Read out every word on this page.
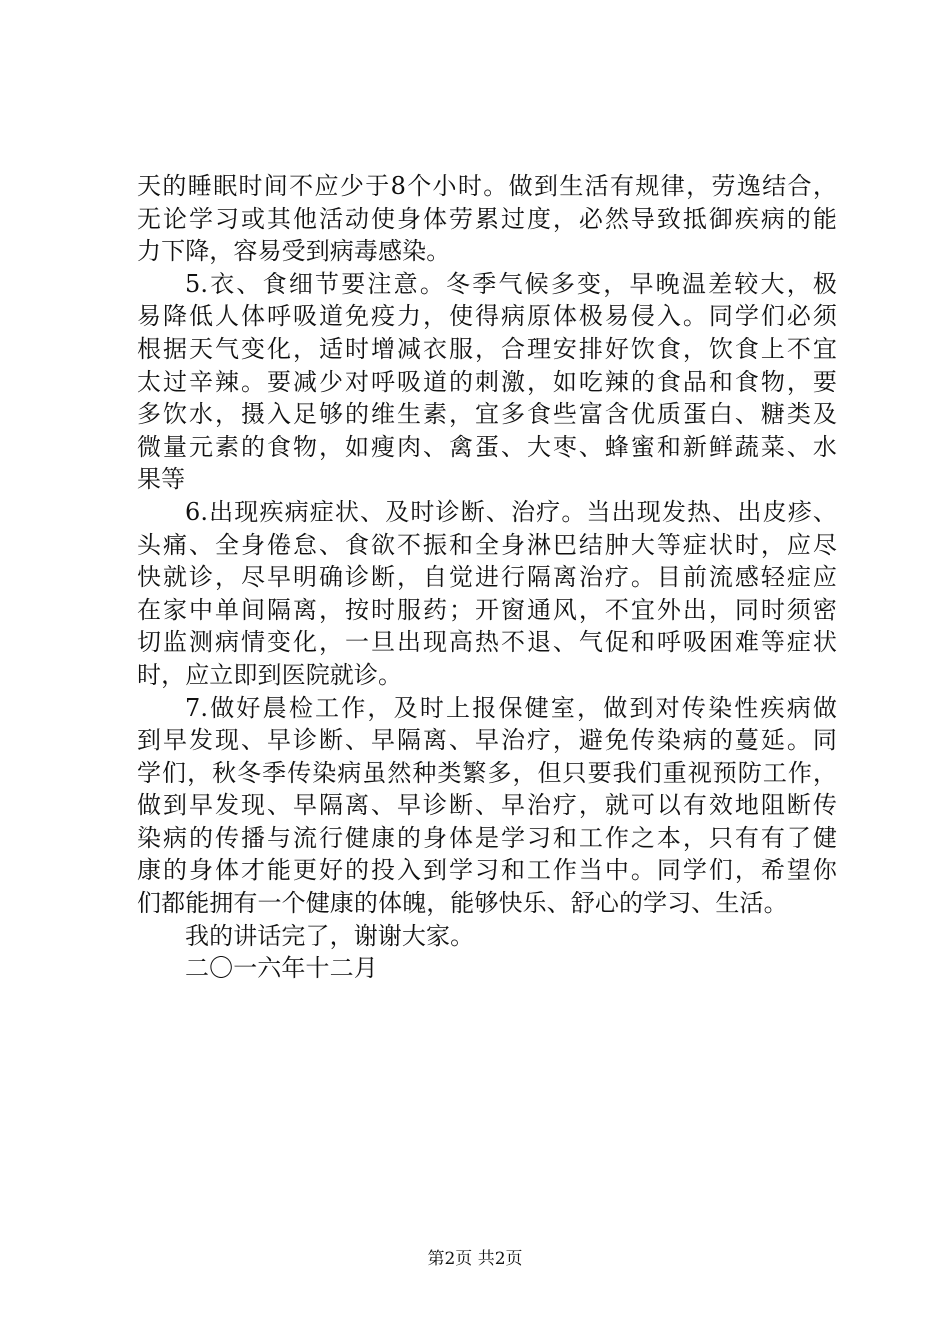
天的睡眠时间不应少于8个小时。做到生活有规律，劳逸结合，
无论学习或其他活动使身体劳累过度，必然导致抵御疾病的能
力下降，容易受到病毒感染。
5.衣、食细节要注意。冬季气候多变，早晚温差较大，极
易降低人体呼吸道免疫力，使得病原体极易侵入。同学们必须
根据天气变化，适时增减衣服，合理安排好饮食，饮食上不宜
太过辛辣。要减少对呼吸道的刺激，如吃辣的食品和食物，要
多饮水，摄入足够的维生素，宜多食些富含优质蛋白、糖类及
微量元素的食物，如瘦肉、禽蛋、大枣、蜂蜜和新鲜蔬菜、水
果等
6.出现疾病症状、及时诊断、治疗。当出现发热、出皮疹、
头痛、全身倦怠、食欲不振和全身淋巴结肿大等症状时，应尽
快就诊，尽早明确诊断，自觉进行隔离治疗。目前流感轻症应
在家中单间隔离，按时服药；开窗通风，不宜外出，同时须密
切监测病情变化，一旦出现高热不退、气促和呼吸困难等症状
时，应立即到医院就诊。
7.做好晨检工作，及时上报保健室，做到对传染性疾病做
到早发现、早诊断、早隔离、早治疗，避免传染病的蔓延。同
学们，秋冬季传染病虽然种类繁多，但只要我们重视预防工作，
做到早发现、早隔离、早诊断、早治疗，就可以有效地阻断传
染病的传播与流行健康的身体是学习和工作之本，只有有了健
康的身体才能更好的投入到学习和工作当中。同学们，希望你
们都能拥有一个健康的体魄，能够快乐、舒心的学习、生活。
我的讲话完了，谢谢大家。
二〇一六年十二月
第2页 共2页
